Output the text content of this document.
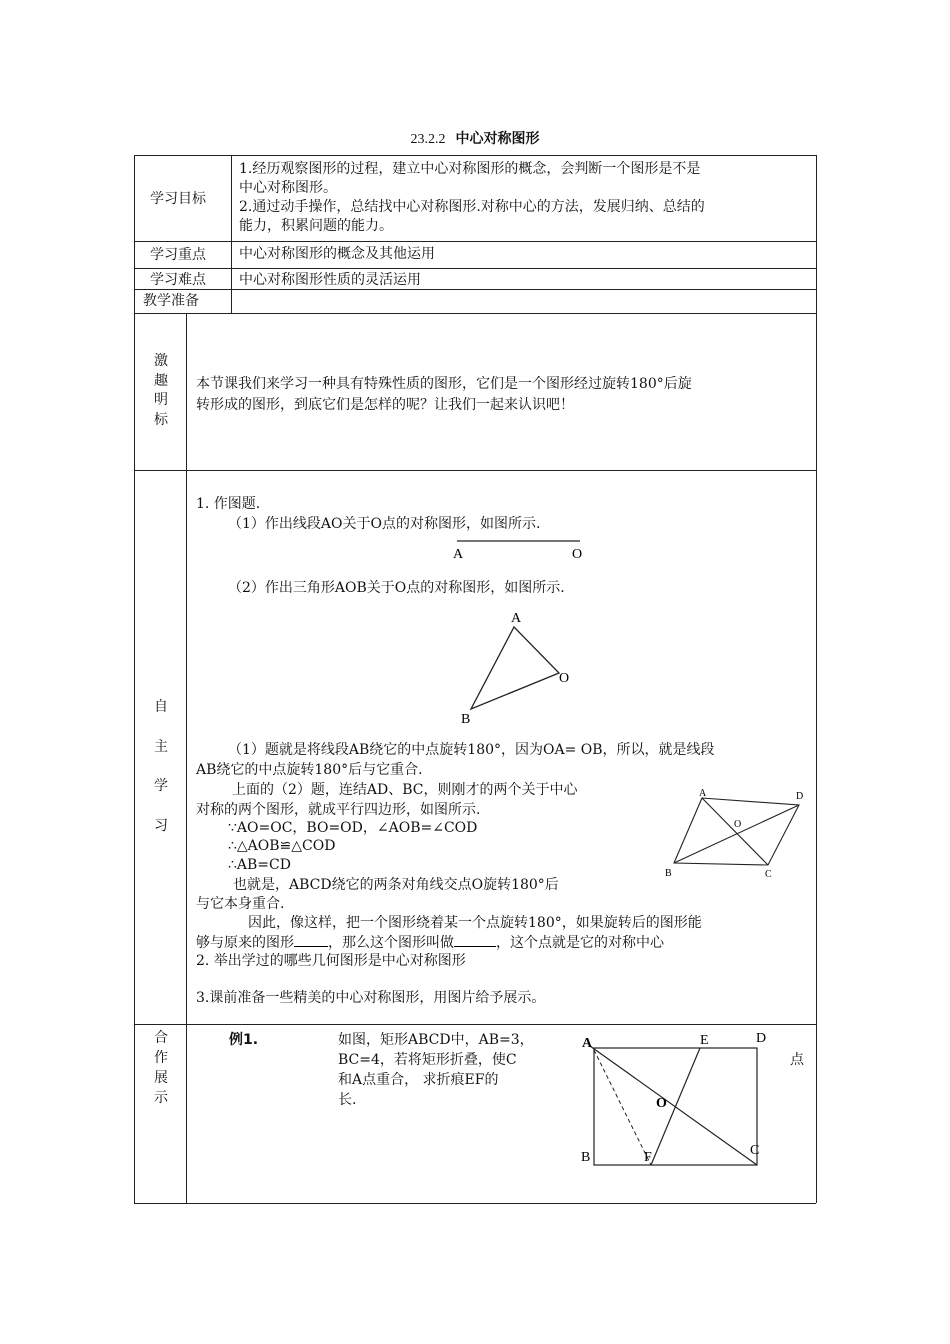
23.2.2 中心对称图形
学习目标
1.经历观察图形的过程，建立中心对称图形的概念，会判断一个图形是不是
中心对称图形。
2.通过动手操作，总结找中心对称图形.对称中心的方法，发展归纳、总结的
能力，积累问题的能力。
学习重点 中心对称图形的概念及其他运用
学习难点 中心对称图形性质的灵活运用
教学准备
激
趣
明
标
本节课我们来学习一种具有特殊性质的图形，它们是一个图形经过旋转180°后旋
转形成的图形，到底它们是怎样的呢？让我们一起来认识吧！
自
主
学
习
1. 作图题.
（1）作出线段AO关于O点的对称图形，如图所示.
A	O
（2）作出三角形AOB关于O点的对称图形，如图所示.
A
O
B
（1）题就是将线段AB绕它的中点旋转180°，因为OA= OB，所以，就是线段
AB绕它的中点旋转180°后与它重合.
上面的（2）题，连结AD、BC，则刚才的两个关于中心
对称的两个图形，就成平行四边形，如图所示.
∵AO=OC，BO=OD，∠AOB=∠COD
∴△AOB≌△COD
∴AB=CD
A	D
O
B	C
也就是，ABCD绕它的两条对角线交点O旋转180°后
与它本身重合.
因此，像这样，把一个图形绕着某一个点旋转180°，如果旋转后的图形能
够与原来的图形 ，那么这个图形叫做	，这个点就是它的对称中心
2. 举出学过的哪些几何图形是中心对称图形
3.课前准备一些精美的中心对称图形，用图片给予展示。
合
作
展
示
例1.	如图，矩形ABCD中，AB=3，
BC=4，若将矩形折叠，使C
和A点重合， 求折痕EF的
长.
点
A	E	D
O
B	F	C
